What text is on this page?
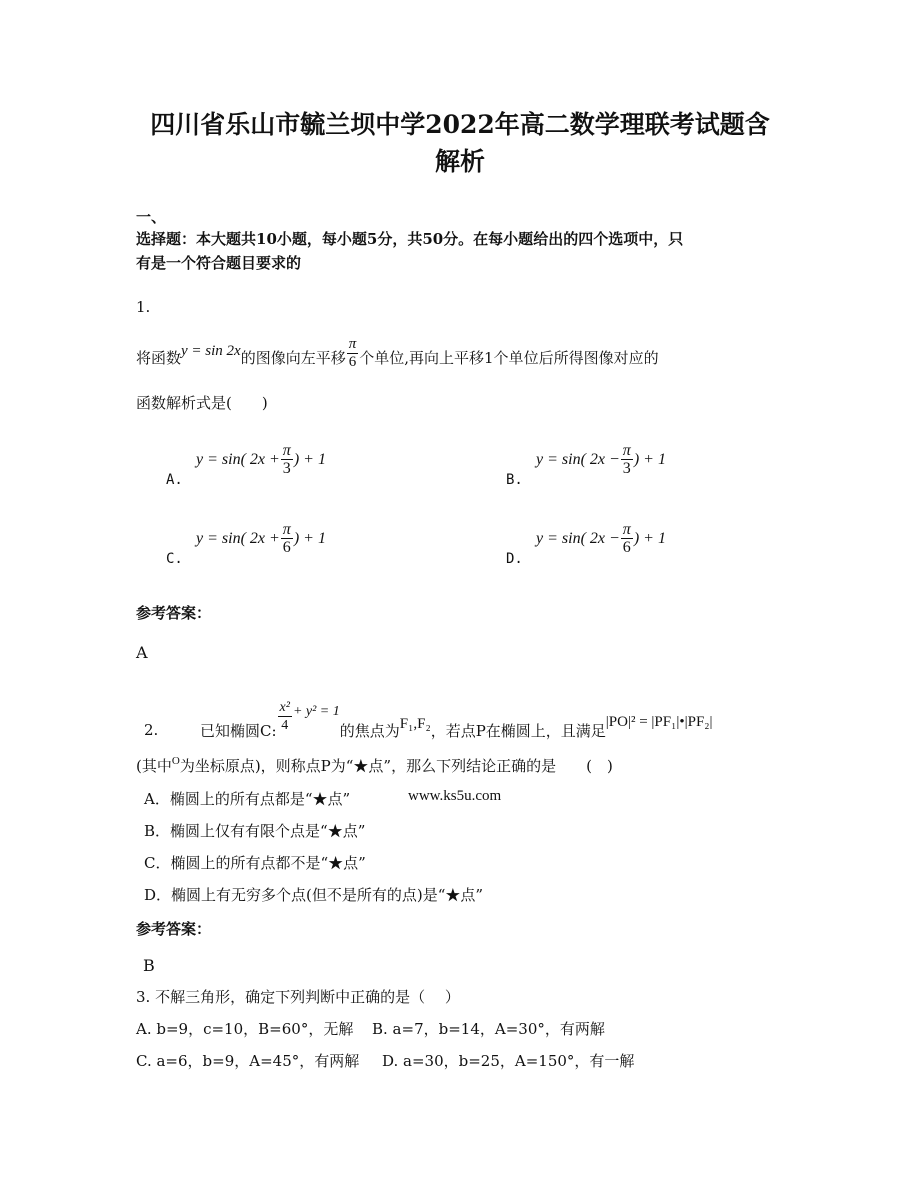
四川省乐山市毓兰坝中学2022年高二数学理联考试题含
解析
一、
选择题：本大题共10小题，每小题5分，共50分。在每小题给出的四个选项中，只
有是一个符合题目要求的
1.
将函数 y = sin 2x 的图像向左平移 $\frac{\pi}{6}$ 个单位,再向上平移1个单位后所得图像对应的
函数解析式是(　　)
A.
y = sin( $2x + \frac{\pi}{3}$ ) + 1
B.
y = sin( $2x - \frac{\pi}{3}$ ) + 1
C.
y = sin( $2x + \frac{\pi}{6}$ ) + 1
D.
y = sin( $2x - \frac{\pi}{6}$ ) + 1
参考答案：
A
2.	已知椭圆C: $\frac{\text{x²}}{4} + y^2 = 1$
的焦点为 F₁,F₂ ，若点P在椭圆上，且满足 |PO|² = |PF₁|•|PF₂|
(其中 O 为坐标原点)，则称点P为“★点”，那么下列结论正确的是　　(　)
A．椭圆上的所有点都是“★点”	www.ks5u.com
B．椭圆上仅有有限个点是“★点”
C．椭圆上的所有点都不是“★点”
D．椭圆上有无穷多个点(但不是所有的点)是“★点”
参考答案：
B
3. 不解三角形，确定下列判断中正确的是（　 ）
A. b=9，c=10，B=60°，无解 B. a=7，b=14，A=30°，有两解
C. a=6，b=9，A=45°，有两解 D. a=30，b=25，A=150°，有一解
